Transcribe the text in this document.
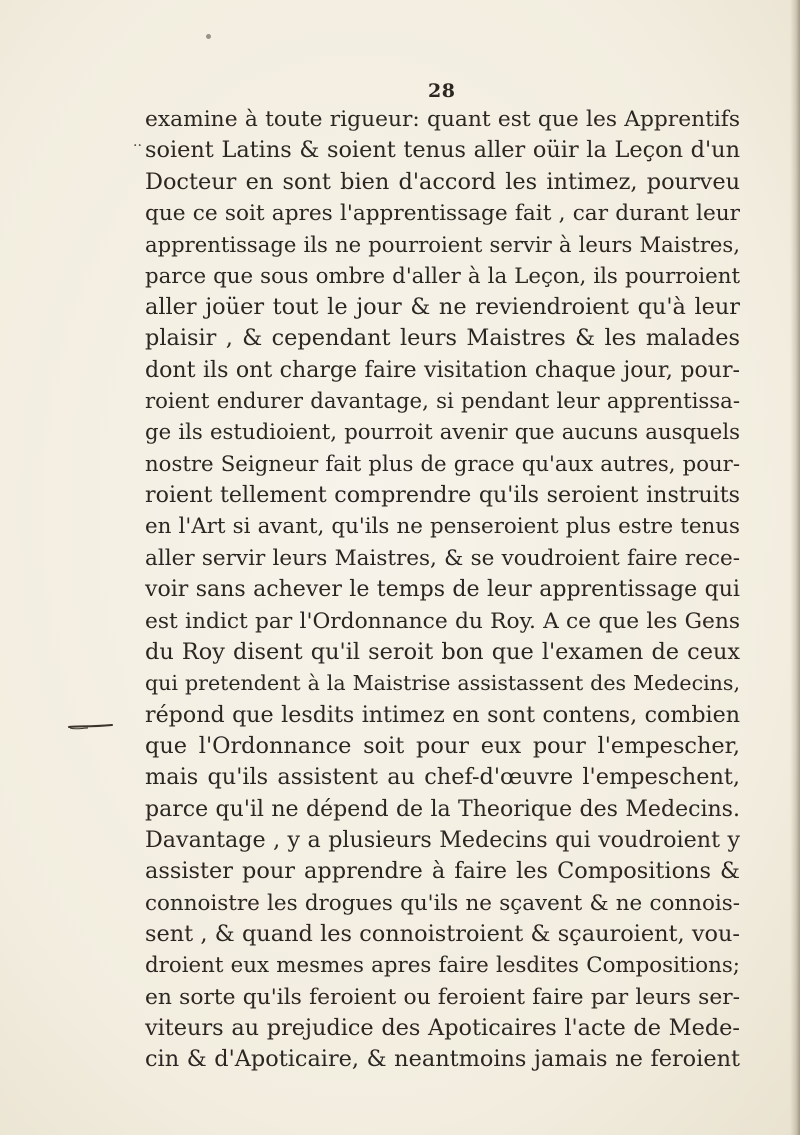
28
..
examine à toute rigueur: quant est que les Apprentifs
soient Latins & soient tenus aller oüir la Leçon d'un
Docteur en sont bien d'accord les intimez, pourveu
que ce soit apres l'apprentissage fait , car durant leur
apprentissage ils ne pourroient servir à leurs Maistres,
parce que sous ombre d'aller à la Leçon, ils pourroient
aller joüer tout le jour & ne reviendroient qu'à leur
plaisir , & cependant leurs Maistres & les malades
dont ils ont charge faire visitation chaque jour, pour-
roient endurer davantage, si pendant leur apprentissa-
ge ils estudioient, pourroit avenir que aucuns ausquels
nostre Seigneur fait plus de grace qu'aux autres, pour-
roient tellement comprendre qu'ils seroient instruits
en l'Art si avant, qu'ils ne penseroient plus estre tenus
aller servir leurs Maistres, & se voudroient faire rece-
voir sans achever le temps de leur apprentissage qui
est indict par l'Ordonnance du Roy. A ce que les Gens
du Roy disent qu'il seroit bon que l'examen de ceux
qui pretendent à la Maistrise assistassent des Medecins,
répond que lesdits intimez en sont contens, combien
que l'Ordonnance soit pour eux pour l'empescher,
mais qu'ils assistent au chef-d'œuvre l'empeschent,
parce qu'il ne dépend de la Theorique des Medecins.
Davantage , y a plusieurs Medecins qui voudroient y
assister pour apprendre à faire les Compositions &
connoistre les drogues qu'ils ne sçavent & ne connois-
sent , & quand les connoistroient & sçauroient, vou-
droient eux mesmes apres faire lesdites Compositions;
en sorte qu'ils feroient ou feroient faire par leurs ser-
viteurs au prejudice des Apoticaires l'acte de Mede-
cin & d'Apoticaire, & neantmoins jamais ne feroient
